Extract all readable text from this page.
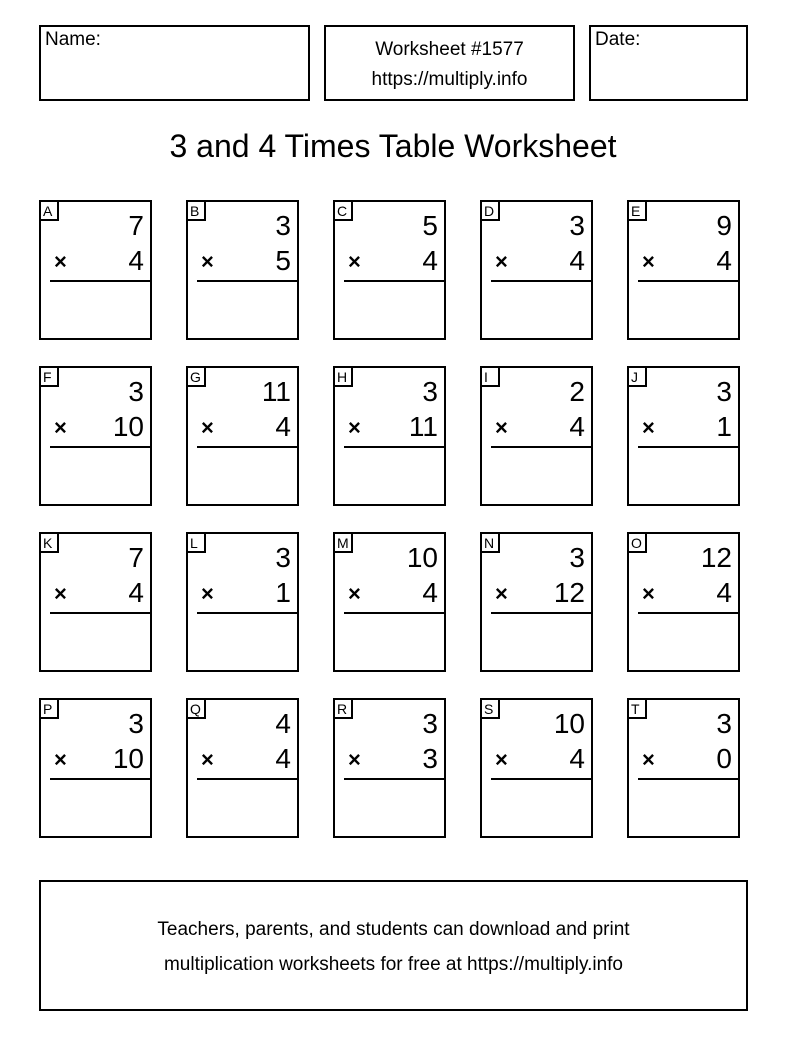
Name:	Worksheet #1577
https://multiply.info
Date:
3 and 4 Times Table Worksheet
A	7
× 4
B	3
× 5
C	5
× 4
D	3
× 4
E	9
× 4
F	3
× 10
G 11
× 4
H	3
× 11
I	2
× 4
J	3
× 1
K	7
× 4
L	3
× 1
M 10
× 4
N	3
× 12
O 12
× 4
P	3
× 10
Q	4
× 4
R	3
× 3
S 10
× 4
T	3
× 0
Teachers, parents, and students can download and print
multiplication worksheets for free at https://multiply.info
